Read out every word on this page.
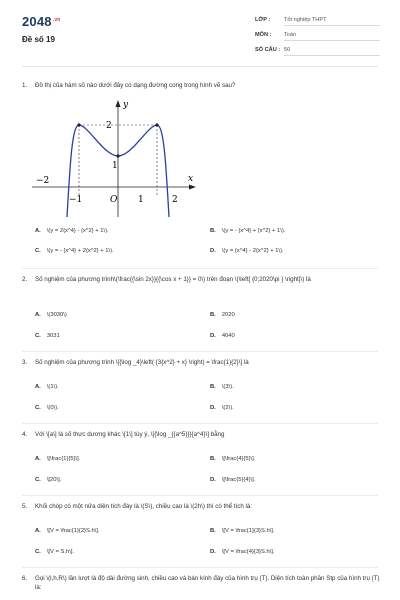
$2048^{.vn}$
Đề số 19
LỚP : Tốt nghiệp THPT
MÔN : Toán
SỐ CÂU : 50
1. Đồ thị của hàm số nào dưới đây có dạng đường cong trong hình vẽ sau?
y
x
2
1
O
−2
−1	1	2
A. \(y = 2{x^4} - {x^2} + 1\).	B. \(y = - {x^4} + {x^2} + 1\).
C. \(y = - {x^4} + 2{x^2} + 1\).	D. \(y = {x^4} - 2{x^2} + 1\).
2. Số nghiệm của phương trình\(\frac{{\sin 2x}}{{\cos x + 1}} = 0\) trên đoạn \(\left[ {0;2020\pi } \right]\) là
A. \(3030\)	B. 2020
C. 3031	D. 4040
3. Số nghiệm của phương trình \[{\log _4}\left( {3{x^2} + x} \right) = \frac{1}{2}\] là
A. \(1\).	B. \(3\).
C. \(0\).	D. \(2\).
4. Với \[a\] là số thực dương khác \[1\] tùy ý, \[{\log _{{a^5}}}{a^4}\] bằng
A. \[\frac{1}{5}\].	B. \[\frac{4}{5}\].
C. \[20\].	D. \[\frac{5}{4}\].
5. Khối chóp có một nửa diện tích đáy là \(S\), chiều cao là \(2h\) thì có thể tích là:
A. \[V = \frac{1}{2}S.h\].	B. \[V = \frac{1}{3}S.h\].
C. \[V = S.h\].	D. \[V = \frac{4}{3}S.h\].
6. Gọi \(l,h,R\) lần lượt là độ dài đường sinh, chiều cao và bán kính đáy của hình trụ (T). Diện tích toàn phần Stp của hình trụ (T) là:
